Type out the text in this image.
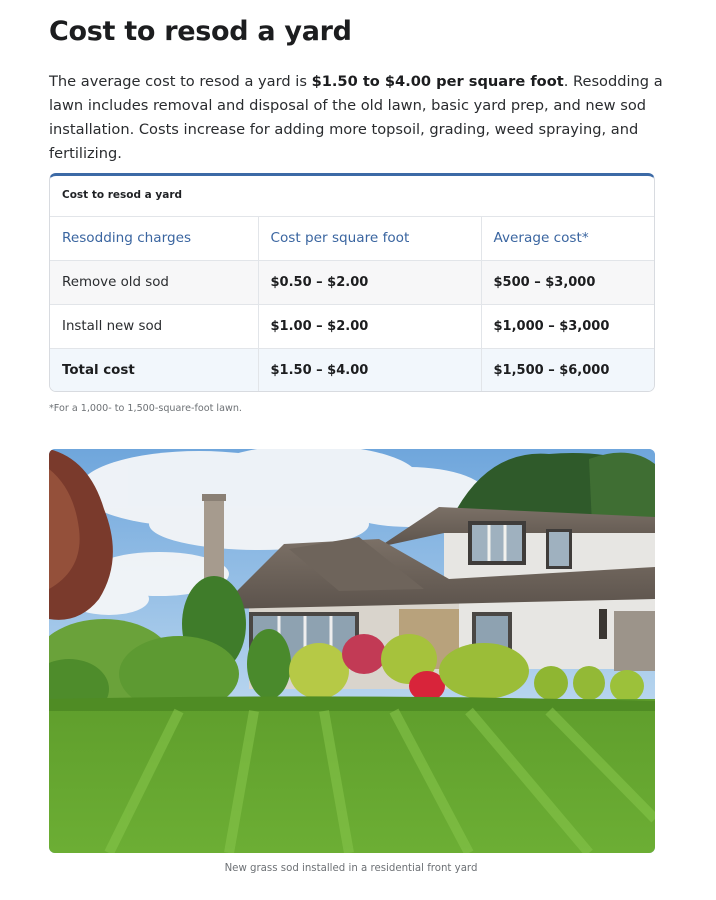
Cost to resod a yard

The average cost to resod a yard is $1.50 to $4.00 per square foot. Resodding a lawn includes removal and disposal of the old lawn, basic yard prep, and new sod installation. Costs increase for adding more topsoil, grading, weed spraying, and fertilizing.

Cost to resod a yard
Resodding charges	Cost per square foot	Average cost*
Remove old sod	$0.50 – $2.00	$500 – $3,000
Install new sod	$1.00 – $2.00	$1,000 – $3,000
Total cost	$1.50 – $4.00	$1,500 – $6,000
*For a 1,000- to 1,500-square-foot lawn.
New grass sod installed in a residential front yard
